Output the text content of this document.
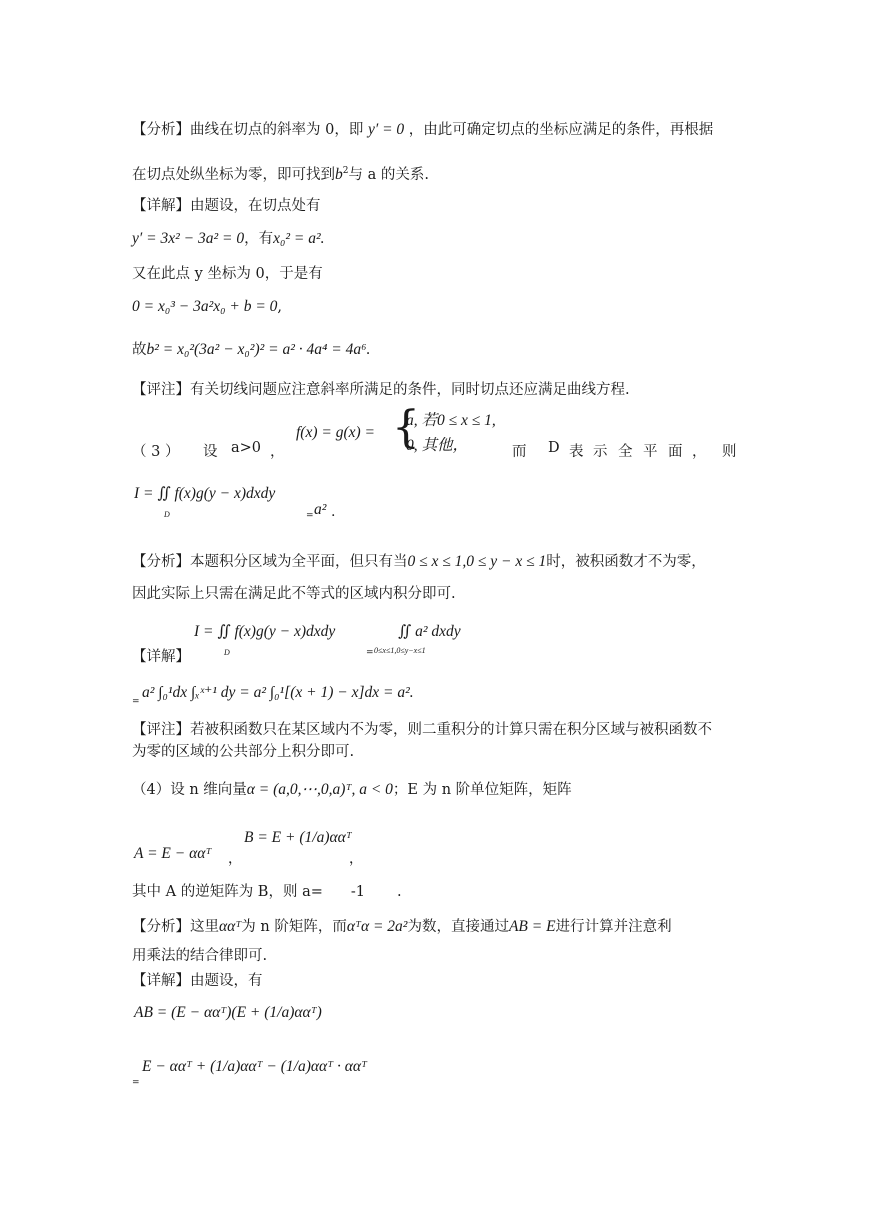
【分析】曲线在切点的斜率为 0，即 y′ = 0 ，由此可确定切点的坐标应满足的条件，再根据
在切点处纵坐标为零，即可找到$b^2$与 a 的关系.
【详解】由题设，在切点处有
y′ = 3x² − 3a² = 0，有x₀² = a².
又在此点 y 坐标为 0，于是有
0 = x₀³ − 3a²x₀ + b = 0,
故b² = x₀²(3a² − x₀²)² = a² · 4a⁴ = 4a⁶.
【评注】有关切线问题应注意斜率所满足的条件，同时切点还应满足曲线方程.
（ 3 ） 设 a>0 ，
f(x) = g(x) = {
a, 若0 ≤ x ≤ 1,
0, 其他，	而 D 表 示 全 平 面 ， 则
I = ∬ f(x)g(y − x)dxdy
D	= a² .
【分析】本题积分区域为全平面，但只有当0 ≤ x ≤ 1,0 ≤ y − x ≤ 1时，被积函数才不为零，
因此实际上只需在满足此不等式的区域内积分即可.
【详解】
I = ∬ f(x)g(y − x)dxdy
D	=
∬ a² dxdy
0≤x≤1,0≤y−x≤1
=
a² ∫₀¹dx ∫ₓˣ⁺¹ dy = a² ∫₀¹[(x + 1) − x]dx = a².
【评注】若被积函数只在某区域内不为零，则二重积分的计算只需在积分区域与被积函数不
为零的区域的公共部分上积分即可.
（4）设 n 维向量α = (a,0,⋯,0,a)ᵀ, a < 0；E 为 n 阶单位矩阵，矩阵
A = E − ααᵀ ，
B = E + (1/a)ααᵀ
，
其中 A 的逆矩阵为 B，则 a= -1 .
【分析】这里ααᵀ为 n 阶矩阵，而αᵀα = 2a²为数，直接通过AB = E进行计算并注意利
用乘法的结合律即可.
【详解】由题设，有
AB = (E − ααᵀ)(E + (1/a)ααᵀ)
=
E − ααᵀ + (1/a)ααᵀ − (1/a)ααᵀ · ααᵀ
